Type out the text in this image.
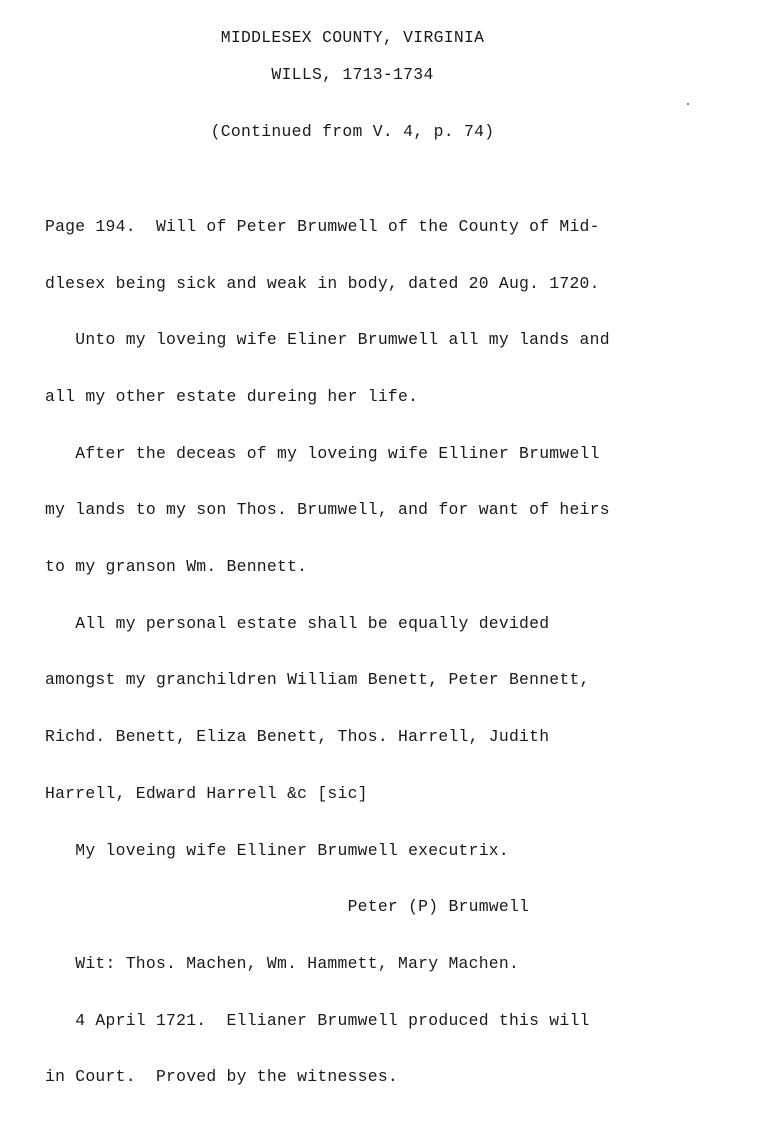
MIDDLESEX COUNTY, VIRGINIA
WILLS, 1713-1734
(Continued from V. 4, p. 74)

Page 194.  Will of Peter Brumwell of the County of Mid-

dlesex being sick and weak in body, dated 20 Aug. 1720.

Unto my loveing wife Eliner Brumwell all my lands and

all my other estate dureing her life.

After the deceas of my loveing wife Elliner Brumwell

my lands to my son Thos. Brumwell, and for want of heirs

to my granson Wm. Bennett.

All my personal estate shall be equally devided

amongst my granchildren William Benett, Peter Bennett,

Richd. Benett, Eliza Benett, Thos. Harrell, Judith

Harrell, Edward Harrell &c [sic]

My loveing wife Elliner Brumwell executrix.

Peter (P) Brumwell

Wit: Thos. Machen, Wm. Hammett, Mary Machen.

4 April 1721.  Ellianer Brumwell produced this will

in Court.  Proved by the witnesses.
